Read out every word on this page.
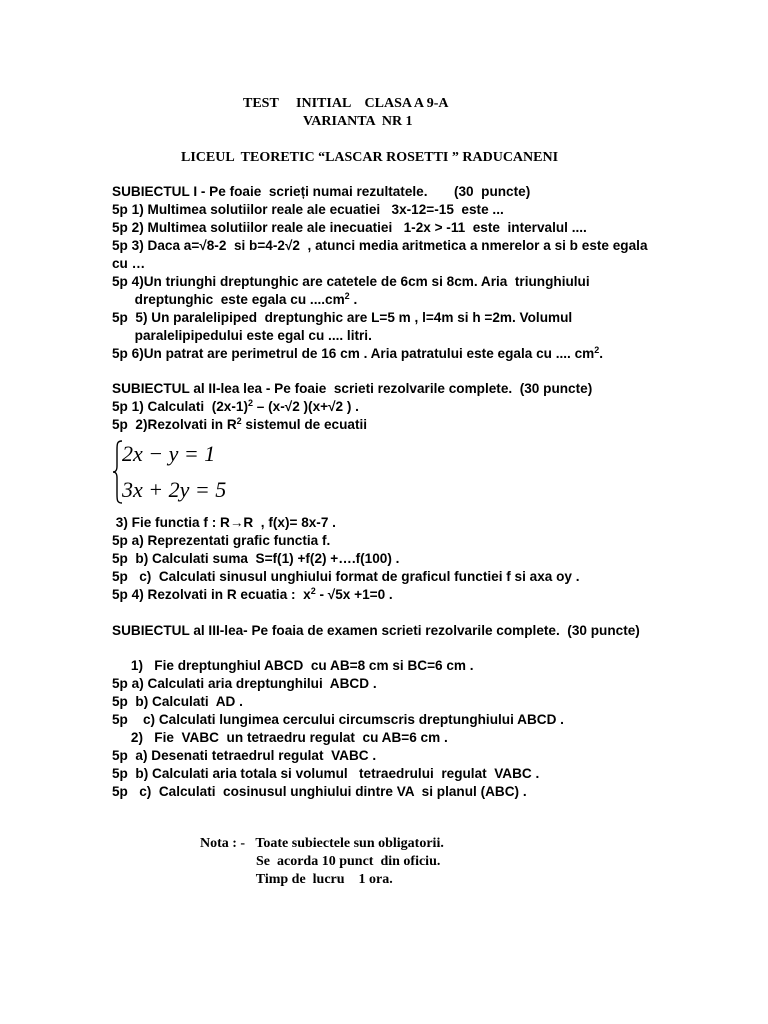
TEST     INITIAL    CLASA A 9-A
VARIANTA  NR 1
LICEUL  TEORETIC “LASCAR ROSETTI ” RADUCANENI
SUBIECTUL I - Pe foaie  scrieți numai rezultatele.       (30  puncte)
5p 1) Multimea solutiilor reale ale ecuatiei   3x-12=-15  este ...
5p 2) Multimea solutiilor reale ale inecuatiei   1-2x > -11  este  intervalul ....
5p 3) Daca a=√8-2  si b=4-2√2  , atunci media aritmetica a nmerelor a si b este egala
cu …
5p 4)Un triunghi dreptunghic are catetele de 6cm si 8cm. Aria  triunghiului
dreptunghic  este egala cu $....cm^2$ .
5p  5) Un paralelipiped  dreptunghic are L=5 m , l=4m si h =2m. Volumul
paralelipipedului este egal cu .... litri.
5p 6)Un patrat are perimetrul de 16 cm . Aria patratului este egala cu .... $cm^2$.
SUBIECTUL al II-lea lea - Pe foaie  scrieti rezolvarile complete.  (30 puncte)
5p 1) Calculati  $(2x-1)^2 - (x-√2$ )(x+√2 ) .
5p  2)Rezolvati in $R^2$ sistemul de ecuatii
2x − y = 1
3x + 2y = 5
3) Fie functia f : R→R  , f(x)= 8x-7 .
5p a) Reprezentati grafic functia f.
5p  b) Calculati suma  S=f(1) +f(2) +….f(100) .
5p   c)  Calculati sinusul unghiului format de graficul functiei f si axa oy .
5p 4) Rezolvati in R ecuatia :  $x^2 - √5x +1=0$ .
SUBIECTUL al III-lea- Pe foaia de examen scrieti rezolvarile complete.  (30 puncte)
1)   Fie dreptunghiul ABCD  cu AB=8 cm si BC=6 cm .
5p a) Calculati aria dreptunghilui  ABCD .
5p  b) Calculati  AD .
5p    c) Calculati lungimea cercului circumscris dreptunghiului ABCD .
2)   Fie  VABC  un tetraedru regulat  cu AB=6 cm .
5p  a) Desenati tetraedrul regulat  VABC .
5p  b) Calculati aria totala si volumul   tetraedrului  regulat  VABC .
5p   c)  Calculati  cosinusul unghiului dintre VA  si planul (ABC) .
Nota : -   Toate subiectele sun obligatorii.
Se  acorda 10 punct  din oficiu.
Timp de  lucru    1 ora.
